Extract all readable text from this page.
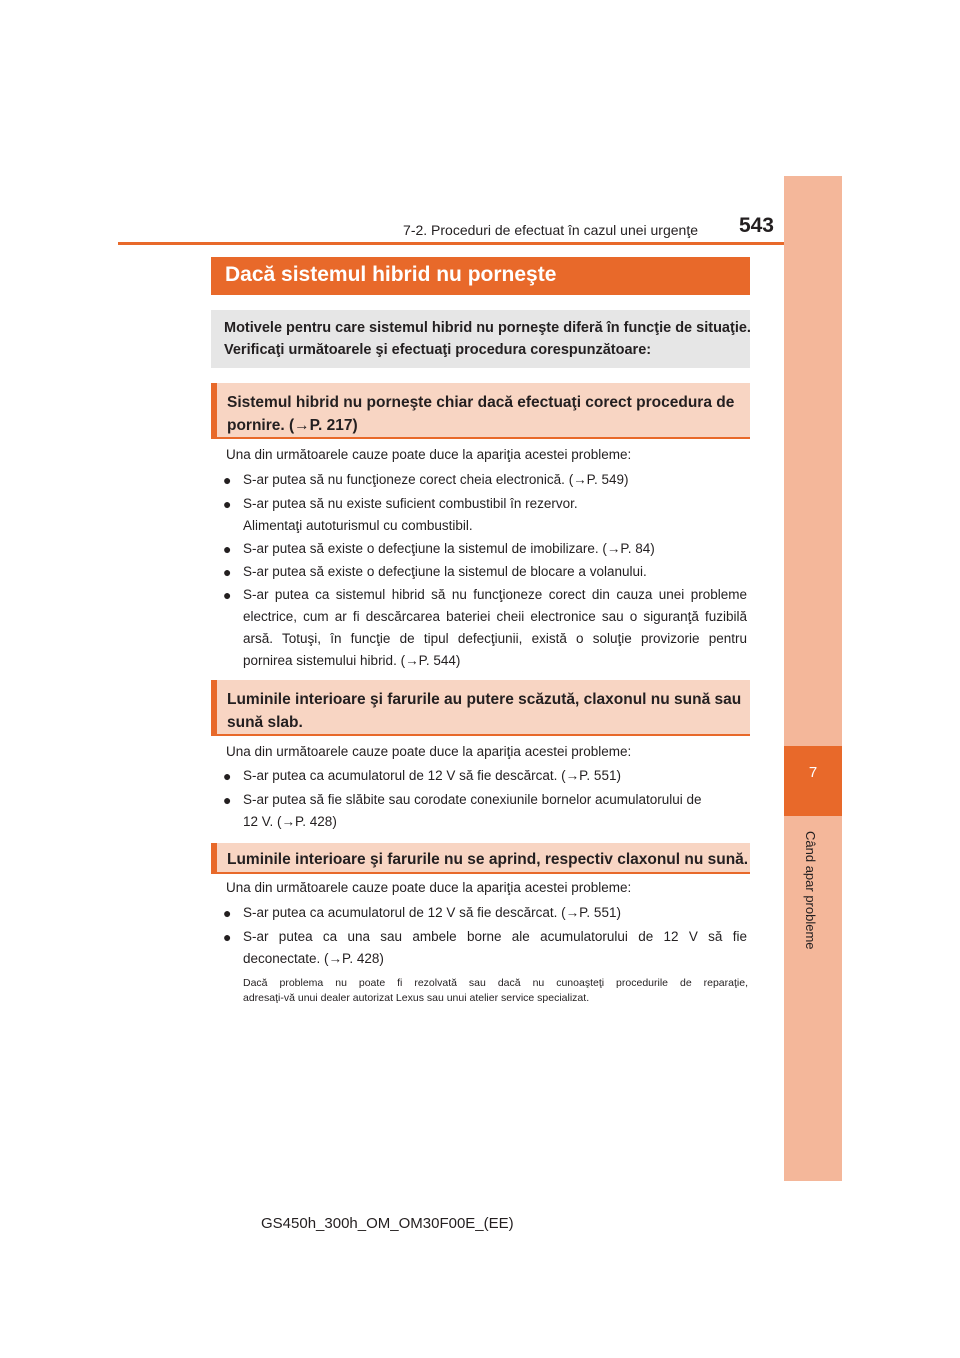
7-2. Proceduri de efectuat în cazul unei urgenţe	543
7
Când apar probleme
Dacă sistemul hibrid nu porneşte
Motivele pentru care sistemul hibrid nu porneşte diferă în funcţie de situaţie.
Verificaţi următoarele şi efectuaţi procedura corespunzătoare:
Sistemul hibrid nu porneşte chiar dacă efectuaţi corect procedura de
pornire. (→P. 217)
Una din următoarele cauze poate duce la apariţia acestei probleme:
● S-ar putea să nu funcţioneze corect cheia electronică. (→P. 549)
● S-ar putea să nu existe suficient combustibil în rezervor.
Alimentaţi autoturismul cu combustibil.
● S-ar putea să existe o defecţiune la sistemul de imobilizare. (→P. 84)
● S-ar putea să existe o defecţiune la sistemul de blocare a volanului.
● S-ar putea ca sistemul hibrid să nu funcţioneze corect din cauza unei probleme
electrice, cum ar fi descărcarea bateriei cheii electronice sau o siguranţă fuzibilă
arsă. Totuşi, în funcţie de tipul defecţiunii, există o soluţie provizorie pentru
pornirea sistemului hibrid. (→P. 544)
Luminile interioare şi farurile au putere scăzută, claxonul nu sună sau
sună slab.
Una din următoarele cauze poate duce la apariţia acestei probleme:
● S-ar putea ca acumulatorul de 12 V să fie descărcat. (→P. 551)
● S-ar putea să fie slăbite sau corodate conexiunile bornelor acumulatorului de
12 V. (→P. 428)
Luminile interioare şi farurile nu se aprind, respectiv claxonul nu sună.
Una din următoarele cauze poate duce la apariţia acestei probleme:
● S-ar putea ca acumulatorul de 12 V să fie descărcat. (→P. 551)
● S-ar putea ca una sau ambele borne ale acumulatorului de 12 V să fie
deconectate. (→P. 428)
Dacă problema nu poate fi rezolvată sau dacă nu cunoaşteţi procedurile de reparaţie,
adresaţi-vă unui dealer autorizat Lexus sau unui atelier service specializat.
GS450h_300h_OM_OM30F00E_(EE)
